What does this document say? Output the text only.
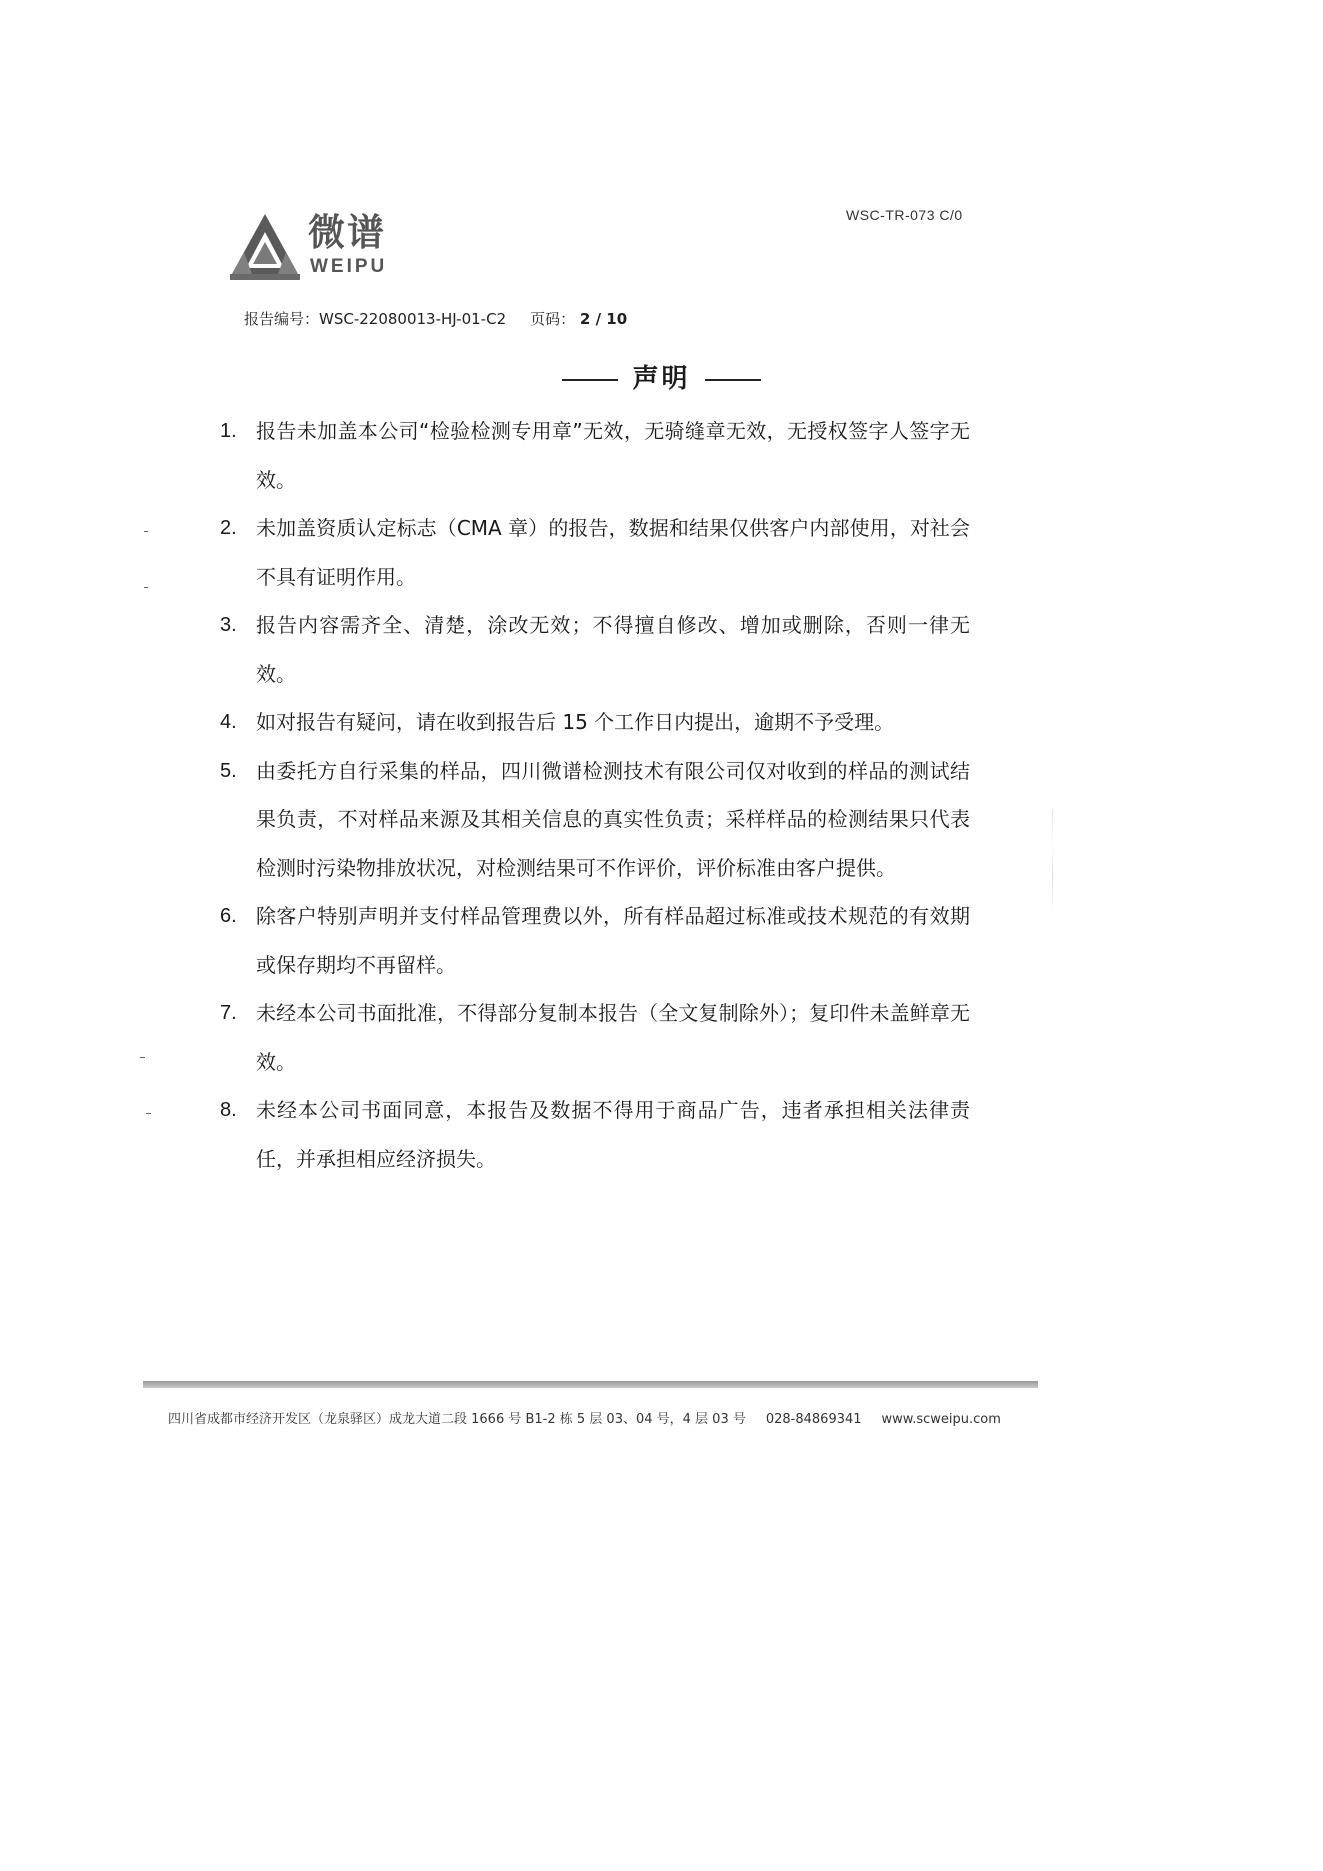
WSC-TR-073 C/0
微谱
WEIPU
报告编号：WSC-22080013-HJ-01-C2 页码： 2 / 10
声明
1. 报告未加盖本公司“检验检测专用章”无效，无骑缝章无效，无授权签字人签字无效。
2. 未加盖资质认定标志（CMA 章）的报告，数据和结果仅供客户内部使用，对社会不具有证明作用。
3. 报告内容需齐全、清楚，涂改无效；不得擅自修改、增加或删除，否则一律无效。
4. 如对报告有疑问，请在收到报告后 15 个工作日内提出，逾期不予受理。
5. 由委托方自行采集的样品，四川微谱检测技术有限公司仅对收到的样品的测试结果负责，不对样品来源及其相关信息的真实性负责；采样样品的检测结果只代表检测时污染物排放状况，对检测结果可不作评价，评价标准由客户提供。
6. 除客户特别声明并支付样品管理费以外，所有样品超过标准或技术规范的有效期或保存期均不再留样。
7. 未经本公司书面批准，不得部分复制本报告（全文复制除外）；复印件未盖鲜章无效。
8. 未经本公司书面同意，本报告及数据不得用于商品广告，违者承担相关法律责任，并承担相应经济损失。
四川省成都市经济开发区（龙泉驿区）成龙大道二段 1666 号 B1-2 栋 5 层 03、04 号，4 层 03 号 028-84869341 www.scweipu.com
